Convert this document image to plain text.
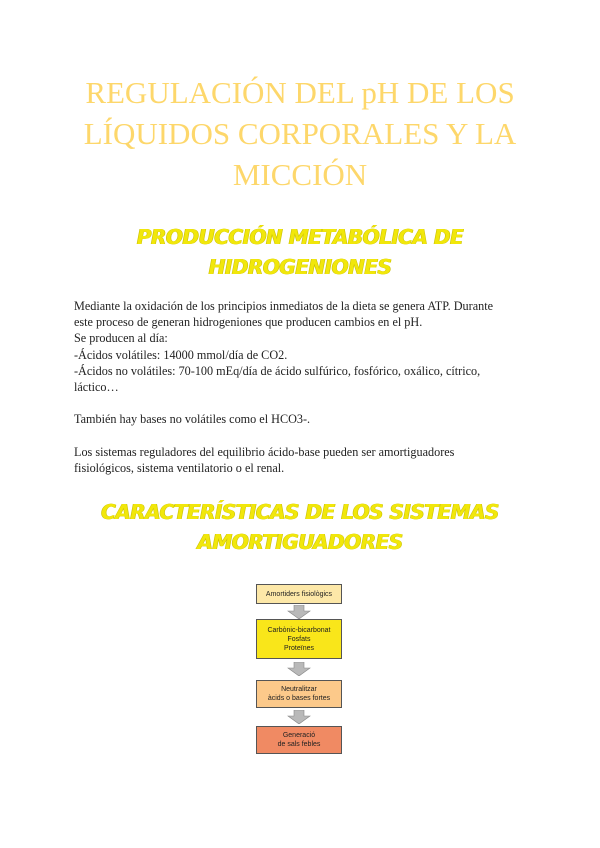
REGULACIÓN DEL pH DE LOS
LÍQUIDOS CORPORALES Y LA
MICCIÓN
PRODUCCIÓN METABÓLICA DE
HIDROGENIONES

Mediante la oxidación de los principios inmediatos de la dieta se genera ATP. Durante

este proceso de generan hidrogeniones que producen cambios en el pH.

Se producen al día:

-Ácidos volátiles: 14000 mmol/día de CO2.

-Ácidos no volátiles: 70-100 mEq/día de ácido sulfúrico, fosfórico, oxálico, cítrico,

láctico…

También hay bases no volátiles como el HCO3-.

Los sistemas reguladores del equilibrio ácido-base pueden ser amortiguadores

fisiológicos, sistema ventilatorio o el renal.

CARACTERÍSTICAS DE LOS SISTEMAS
AMORTIGUADORES
Amortiders fisiològics
Carbònic-bicarbonat
Fosfats
Proteïnes
Neutralitzar
àcids o bases fortes
Generació
de sals febles
